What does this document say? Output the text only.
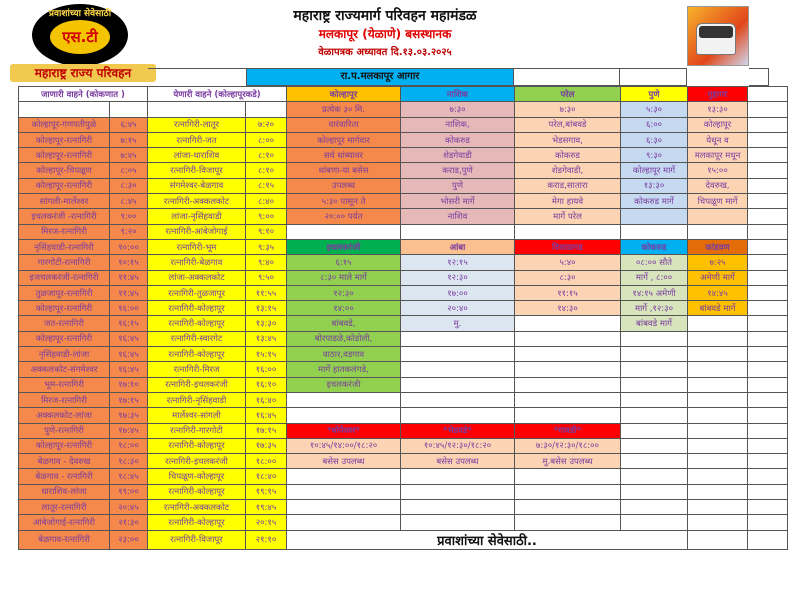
प्रवाशांच्या सेवेसाठी
एस.टी
महाराष्ट्र राज्य परिवहन
महाराष्ट्र राज्यमार्ग परिवहन महामंडळ
मलकापूर (येळाणे) बसस्थानक
वेळापत्रक अध्यावत दि.१३.०३.२०२५
रा.प.मलकापूर आगार
जाणारी वाहने (कोकणात )		येणारी वाहने (कोल्हापूरकडे)		कोल्हापूर	नाशिक	परेल	पुणे	गुहागर	
				प्रत्येक ३० मि.	७:३०	७:३०	५:३०	१३:३०	
कोल्हापूर-गणपतीपुळे	६:४५	रत्नागिरी-लातूर	७:२०	वारंवारिता	नाशिक,	परेल,बांबवडे	६:००	कोल्हापूर	
कोल्हापूर-रत्नागिरी	७:१५	रत्नागिरी-जत	८:००	कोल्हापूर मार्गवार	कोकरुड	भेडसगाव,	६:३०	येथून व	
कोल्हापूर-रत्नागिरी	७:४५	लांजा-धाराशिव	८:१०	सर्व थांब्यावर	शेडगेवाडी	कोकरुड	९:३०	मलकापूर मधून	
कोल्हापूर-चिपळूण	८:०५	रत्नागिरी-विजापूर	८:१०	थांबणा-या बसेस	कराड,पुणे	शेडगेवाडी,	कोल्हापूर मार्गे	१५:००	
कोल्हापूर-रत्नागिरी	८:३०	संगमेश्वर-बेळगाव	८:१५	उपलब्ध	पुणे	कराड,सातारा	१३:३०	देवरुख,	
सांगली-मार्लेश्वर	८:४५	रत्नागिरी-अक्कलकोट	८:४०	५:३० पासून ते	भोसरी मार्गे	मेगा हायवे	कोकरुड मार्गे	चिपळूण मार्गे	
इचलकरंजी -रत्नागिरी	९:००	लांजा-नृसिंहवाडी	९:००	२०:०० पर्यत	नाशिव	मार्गे परेल			
मिरज-रत्नागिरी	९:२०	रत्नागिरी-आंबेजोगाई	९:१०						
नृसिंहवाडी-रत्नागिरी	१०:००	रत्नागिरी-भूम	९:३५	इचलकरंजी	आंबा	विशाळगड	कोकरुड	कांडवण	
गारगोटी-रत्नागिरी	१०:१५	रत्नागिरी-बेळगाव	९:४०	६:१५	१२:१५	५:४०	०८:०० सौते	७:२५	
इजचलकरंजी-रत्नागिरी	११:४५	लांजा-अक्कलकोट	९:५०	८:३० माले मार्गे	१२:३०	८:३०	मार्गे , ८:००	अमेणी मार्गे	
तुळजापूर-रत्नागिरी	११:४५	रत्नागिरी-तुळजापूर	११:५५	१२:३०	१७:००	११:१५	१४:१५ अमेणी	१४:४५	
कोल्हापूर-रत्नागिरी	१६:००	रत्नागिरी-कोल्हापूर	१३:१५	१४:००	२०:४०	१४:३०	मार्गे ,१२:३०	बांबवडे मार्गे	
जत-रत्नागिरी	१६:१५	रत्नागिरी-कोल्हापूर	१३:३०	बांबवडे,	मु.		बांबवडे मार्गे		
कोल्हापूर-रत्नागिरी	१६:४५	रत्नागिरी-स्वारगेट	१३:४५	बोरपाडळे,कोडोली,					
नृसिंहवाडी-लांजा	१६:४५	रत्नागिरी-कोल्हापूर	१५:१५	वाठार,वडगाव					
अक्कलकोट-संगमेश्वर	१६:४५	रत्नागिरी-मिरज	१६:००	मार्गे हातकलंगडे,					
भूम-रत्नागिरी	१७:१०	रत्नागिरी-इचलकरंजी	१६:१०	इचलकरंजी					
मिरज-रत्नागिरी	१७:१५	रत्नागिरी-नृसिंहवाडी	१६:४०						
अक्कलकोट-लांजा	१७:३५	मार्लेश्वर-सांगली	१६:४५						
पुणे-रत्नागिरी	१७:४५	रत्नागिरी-गारगोटी	१७:१५	*धोपेश्वर*	*भेडवडे*	*गावडी*			
कोल्हापूर-रत्नागिरी	१८:००	रत्नागिरी-कोल्हापूर	१७:३५	१०:४५/१४:००/१८:२०	१०:४५/१२:३०/१८:२०	७:३०/१२:३०/१८:००			
बेळगाव - देवरुख	१८:३०	रत्नागिरी-इचलकरंजी	१८:००	बसेस उपलब्ध	बसेस उपलब्ध	मु.बसेस उपलब्ध			
बेळगाव - रत्नागिरी	१८:४५	चिपळूण-कोल्हापूर	१८:४०						
धाराशिव-लांजा	१९:००	रत्नागिरी-कोल्हापूर	१९:१५						
लातूर-रत्नागिरी	२०:४५	रत्नागिरी-अक्कलकोट	१९:४५						
आंबेजोगाई-रत्नागिरी	२१:३०	रत्नागिरी-कोल्हापूर	२०:१५						
बेळगाव-रत्नागिरी	२३:००	रत्नागिरी-विजापूर	२१:१०	प्रवाशांच्या सेवेसाठी..					
